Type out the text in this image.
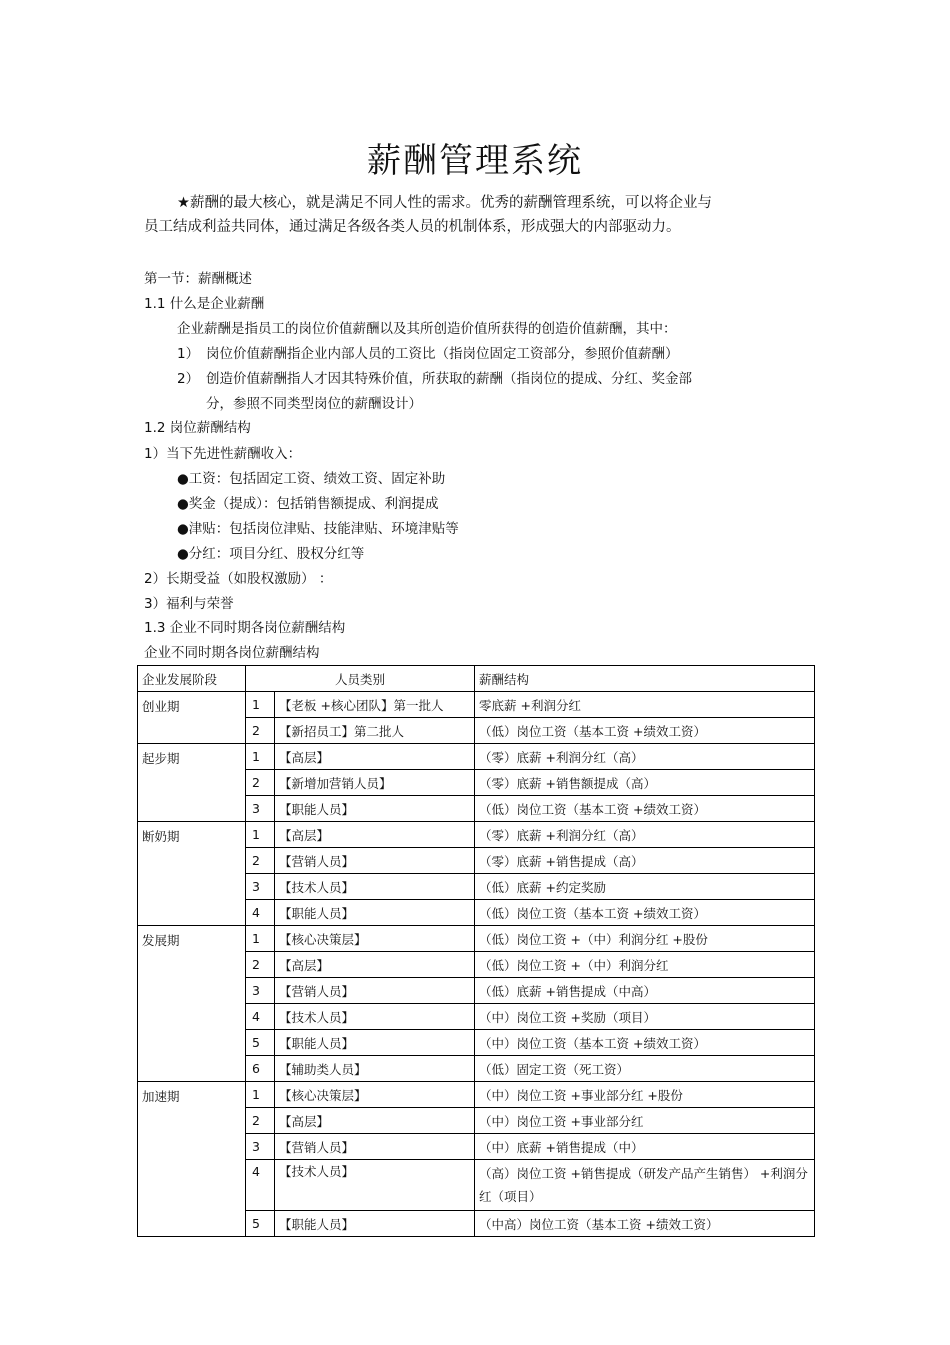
薪酬管理系统
★薪酬的最大核心，就是满足不同人性的需求。优秀的薪酬管理系统，可以将企业与
员工结成利益共同体，通过满足各级各类人员的机制体系，形成强大的内部驱动力。
第一节：薪酬概述
1.1 什么是企业薪酬
企业薪酬是指员工的岗位价值薪酬以及其所创造价值所获得的创造价值薪酬，其中：
1） 岗位价值薪酬指企业内部人员的工资比（指岗位固定工资部分，参照价值薪酬）
2） 创造价值薪酬指人才因其特殊价值，所获取的薪酬（指岗位的提成、分红、奖金部
分，参照不同类型岗位的薪酬设计）
1.2 岗位薪酬结构
1）当下先进性薪酬收入：
●工资：包括固定工资、绩效工资、固定补助
●奖金（提成）：包括销售额提成、利润提成
●津贴：包括岗位津贴、技能津贴、环境津贴等
●分红：项目分红、股权分红等
2）长期受益（如股权激励） ：
3）福利与荣誉
1.3 企业不同时期各岗位薪酬结构
企业不同时期各岗位薪酬结构
企业发展阶段	人员类别		薪酬结构
创业期	1	【老板 +核心团队】第一批人	零底薪 +利润分红
	2	【新招员工】第二批人	（低）岗位工资（基本工资 +绩效工资）
起步期	1	【高层】	（零）底薪 +利润分红（高）
	2	【新增加营销人员】	（零）底薪 +销售额提成（高）
	3	【职能人员】	（低）岗位工资（基本工资 +绩效工资）
断奶期	1	【高层】	（零）底薪 +利润分红（高）
	2	【营销人员】	（零）底薪 +销售提成（高）
	3	【技术人员】	（低）底薪 +约定奖励
	4	【职能人员】	（低）岗位工资（基本工资 +绩效工资）
发展期	1	【核心决策层】	（低）岗位工资 +（中）利润分红 +股份
	2	【高层】	（低）岗位工资 +（中）利润分红
	3	【营销人员】	（低）底薪 +销售提成（中高）
	4	【技术人员】	（中）岗位工资 +奖励（项目）
	5	【职能人员】	（中）岗位工资（基本工资 +绩效工资）
	6	【辅助类人员】	（低）固定工资（死工资）
加速期	1	【核心决策层】	（中）岗位工资 +事业部分红 +股份
	2	【高层】	（中）岗位工资 +事业部分红
	3	【营销人员】	（中）底薪 +销售提成（中）
	4	【技术人员】	（高）岗位工资 +销售提成（研发产品产生销售） +利润分红（项目）
	5	【职能人员】	（中高）岗位工资（基本工资 +绩效工资）
